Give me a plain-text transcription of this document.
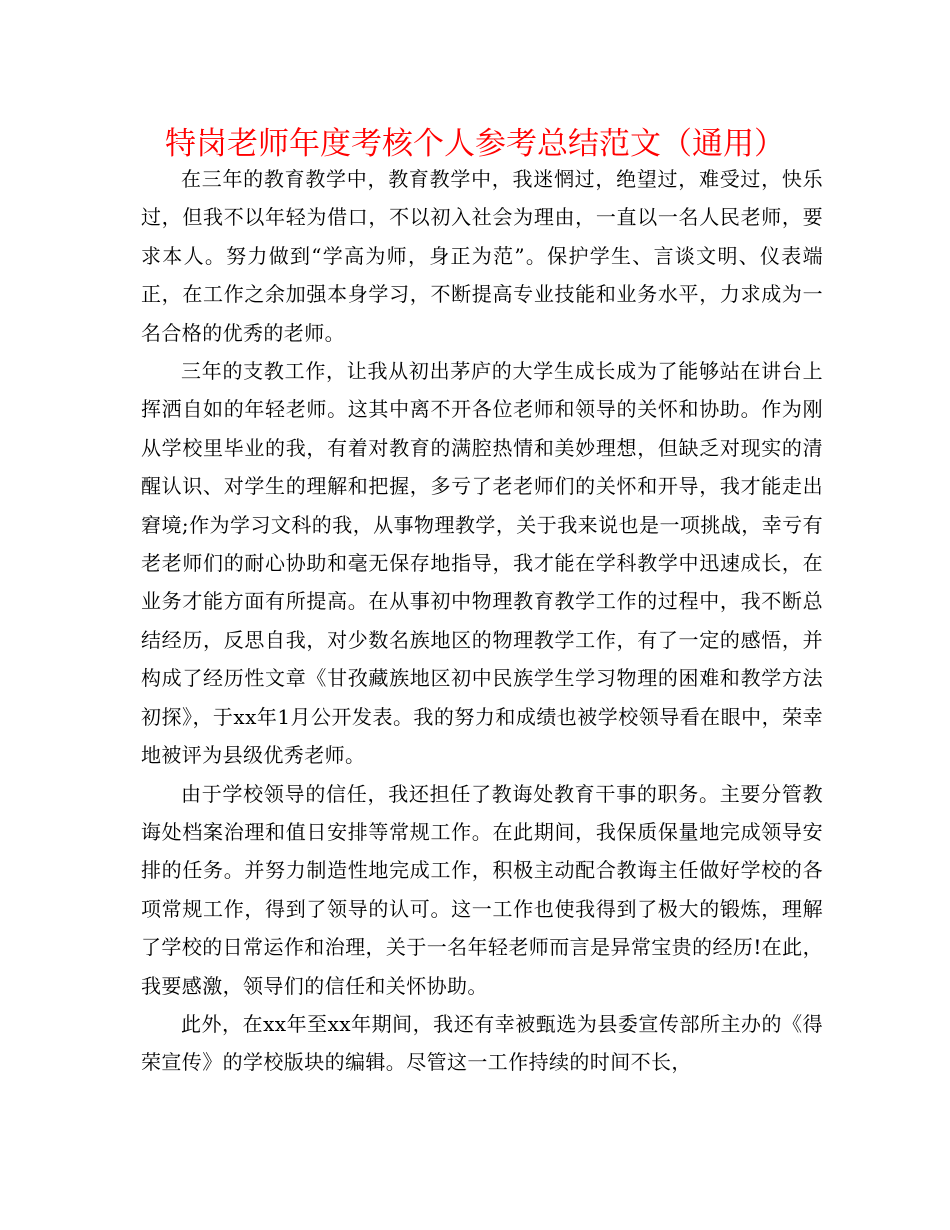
特岗老师年度考核个人参考总结范文（通用）

在三年的教育教学中，教育教学中，我迷惘过，绝望过，难受过，快乐过，但我不以年轻为借口，不以初入社会为理由，一直以一名人民老师，要求本人。努力做到“学高为师，身正为范”。保护学生、言谈文明、仪表端正，在工作之余加强本身学习，不断提高专业技能和业务水平，力求成为一名合格的优秀的老师。

三年的支教工作，让我从初出茅庐的大学生成长成为了能够站在讲台上挥洒自如的年轻老师。这其中离不开各位老师和领导的关怀和协助。作为刚从学校里毕业的我，有着对教育的满腔热情和美妙理想，但缺乏对现实的清醒认识、对学生的理解和把握，多亏了老老师们的关怀和开导，我才能走出窘境;作为学习文科的我，从事物理教学，关于我来说也是一项挑战，幸亏有老老师们的耐心协助和毫无保存地指导，我才能在学科教学中迅速成长，在业务才能方面有所提高。在从事初中物理教育教学工作的过程中，我不断总结经历，反思自我，对少数名族地区的物理教学工作，有了一定的感悟，并构成了经历性文章《甘孜藏族地区初中民族学生学习物理的困难和教学方法初探》，于xx年1月公开发表。我的努力和成绩也被学校领导看在眼中，荣幸地被评为县级优秀老师。

由于学校领导的信任，我还担任了教诲处教育干事的职务。主要分管教诲处档案治理和值日安排等常规工作。在此期间，我保质保量地完成领导安排的任务。并努力制造性地完成工作，积极主动配合教诲主任做好学校的各项常规工作，得到了领导的认可。这一工作也使我得到了极大的锻炼，理解了学校的日常运作和治理，关于一名年轻老师而言是异常宝贵的经历!在此，我要感激，领导们的信任和关怀协助。

此外，在xx年至xx年期间，我还有幸被甄选为县委宣传部所主办的《得荣宣传》的学校版块的编辑。尽管这一工作持续的时间不长，
